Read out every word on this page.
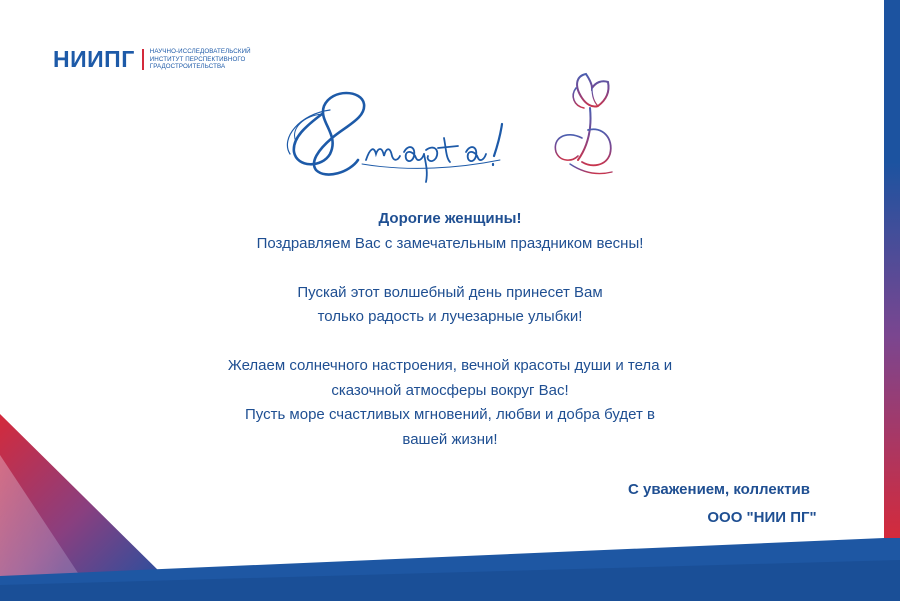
НИИПГ НАУЧНО-ИССЛЕДОВАТЕЛЬСКИЙ
ИНСТИТУТ ПЕРСПЕКТИВНОГО
ГРАДОСТРОИТЕЛЬСТВА
Дорогие женщины!
Поздравляем Вас с замечательным праздником весны!
Пускай этот волшебный день принесет Вам
только радость и лучезарные улыбки!
Желаем солнечного настроения, вечной красоты души и тела и
сказочной атмосферы вокруг Вас!
Пусть море счастливых мгновений, любви и добра будет в
вашей жизни!
С уважением, коллектив
ООО "НИИ ПГ"
